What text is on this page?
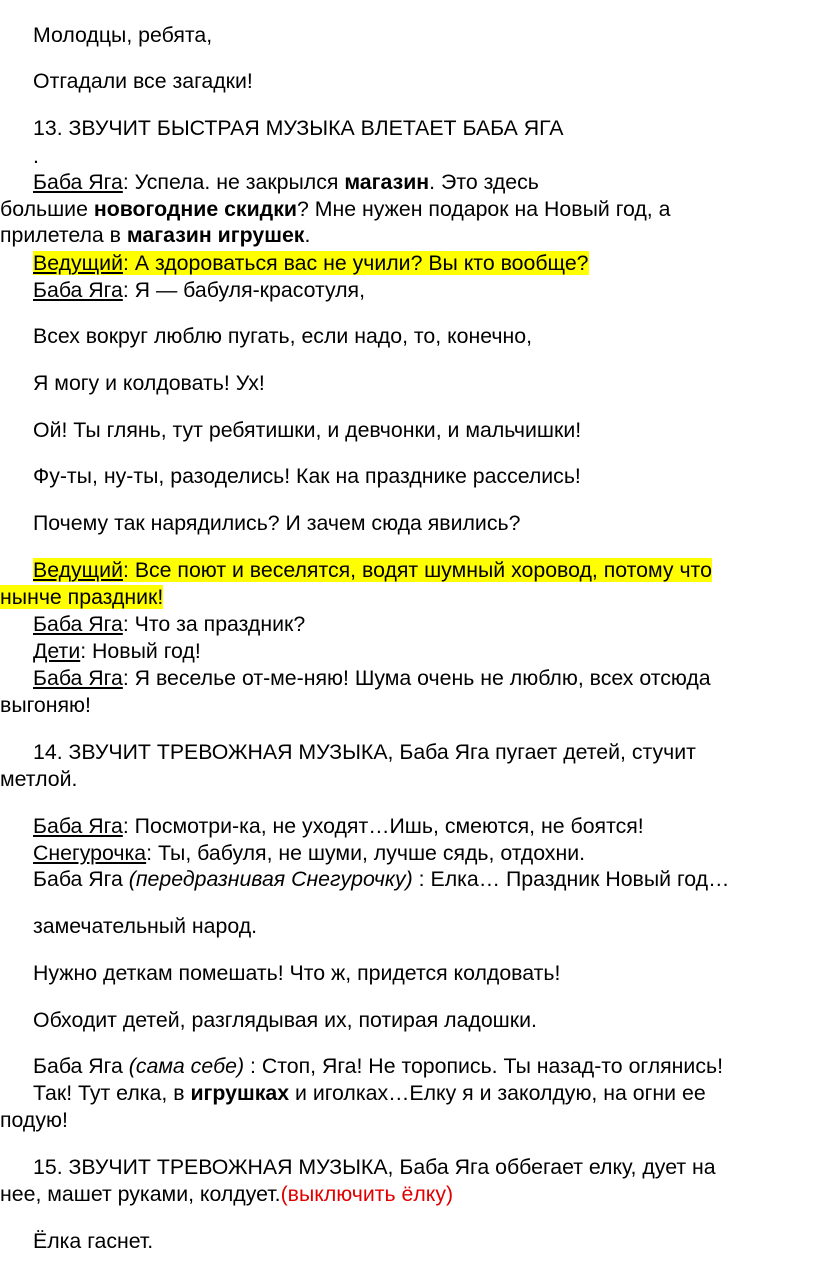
Молодцы, ребята,
Отгадали все загадки!
13. ЗВУЧИТ БЫСТРАЯ МУЗЫКА ВЛЕТАЕТ БАБА ЯГА
.
Баба Яга: Успела. не закрылся магазин. Это здесь
большие новогодние скидки? Мне нужен подарок на Новый год, а
прилетела в магазин игрушек.
Ведущий: А здороваться вас не учили? Вы кто вообще?
Баба Яга: Я — бабуля-красотуля,
Всех вокруг люблю пугать, если надо, то, конечно,
Я могу и колдовать! Ух!
Ой! Ты глянь, тут ребятишки, и девчонки, и мальчишки!
Фу-ты, ну-ты, разоделись! Как на празднике расселись!
Почему так нарядились? И зачем сюда явились?
Ведущий: Все поют и веселятся, водят шумный хоровод, потому что
нынче праздник!
Баба Яга: Что за праздник?
Дети: Новый год!
Баба Яга: Я веселье от-ме-няю! Шума очень не люблю, всех отсюда
выгоняю!
14. ЗВУЧИТ ТРЕВОЖНАЯ МУЗЫКА, Баба Яга пугает детей, стучит
метлой.
Баба Яга: Посмотри-ка, не уходят…Ишь, смеются, не боятся!
Снегурочка: Ты, бабуля, не шуми, лучше сядь, отдохни.
Баба Яга (передразнивая Снегурочку) : Елка… Праздник Новый год…
замечательный народ.
Нужно деткам помешать! Что ж, придется колдовать!
Обходит детей, разглядывая их, потирая ладошки.
Баба Яга (сама себе) : Стоп, Яга! Не торопись. Ты назад-то оглянись!
Так! Тут елка, в игрушках и иголках…Елку я и заколдую, на огни ее
подую!
15. ЗВУЧИТ ТРЕВОЖНАЯ МУЗЫКА, Баба Яга оббегает елку, дует на
нее, машет руками, колдует.(выключить ёлку)
Ёлка гаснет.
